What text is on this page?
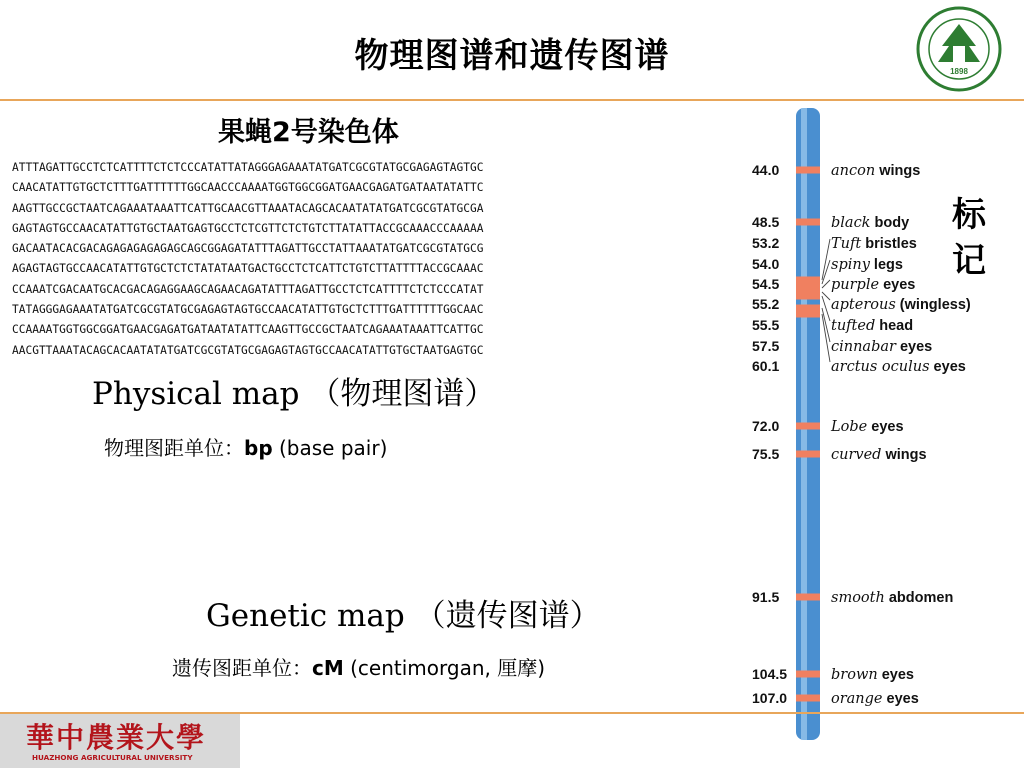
物理图谱和遗传图谱	1898
果蝇2号染色体
ATTTAGATTGCCTCTCATTTTCTCTCCCATATTATAGGGAGAAATATGATCGCGTATGCGAGAGTAGTGC
CAACATATTGTGCTCTTTGATTTTTTGGCAACCCAAAATGGTGGCGGATGAACGAGATGATAATATATTC
AAGTTGCCGCTAATCAGAAATAAATTCATTGCAACGTTAAATACAGCACAATATATGATCGCGTATGCGA
GAGTAGTGCCAACATATTGTGCTAATGAGTGCCTCTCGTTCTCTGTCTTATATTACCGCAAACCCAAAAA
GACAATACACGACAGAGAGAGAGAGCAGCGGAGATATTTAGATTGCCTATTAAATATGATCGCGTATGCG
AGAGTAGTGCCAACATATTGTGCTCTCTATATAATGACTGCCTCTCATTCTGTCTTATTTTACCGCAAAC
CCAAATCGACAATGCACGACAGAGGAAGCAGAACAGATATTTAGATTGCCTCTCATTTTCTCTCCCATAT
TATAGGGAGAAATATGATCGCGTATGCGAGAGTAGTGCCAACATATTGTGCTCTTTGATTTTTTGGCAAC
CCAAAATGGTGGCGGATGAACGAGATGATAATATATTCAAGTTGCCGCTAATCAGAAATAAATTCATTGC
AACGTTAAATACAGCACAATATATGATCGCGTATGCGAGAGTAGTGCCAACATATTGTGCTAATGAGTGC
Physical map （物理图谱）
物理图距单位：bp (base pair)
Genetic map （遗传图谱）
遗传图距单位：cM (centimorgan, 厘摩)
标
记
44.0	ancon wings
48.5	black body
53.2	Tuft bristles
54.0	spiny legs
54.5	purple eyes
55.2	apterous (wingless)
55.5	tufted head
57.5	cinnabar eyes
60.1	arctus oculus eyes
72.0	Lobe eyes
75.5	curved wings
91.5	smooth abdomen
104.5	brown eyes
107.0	orange eyes
華中農業大學
HUAZHONG AGRICULTURAL UNIVERSITY
